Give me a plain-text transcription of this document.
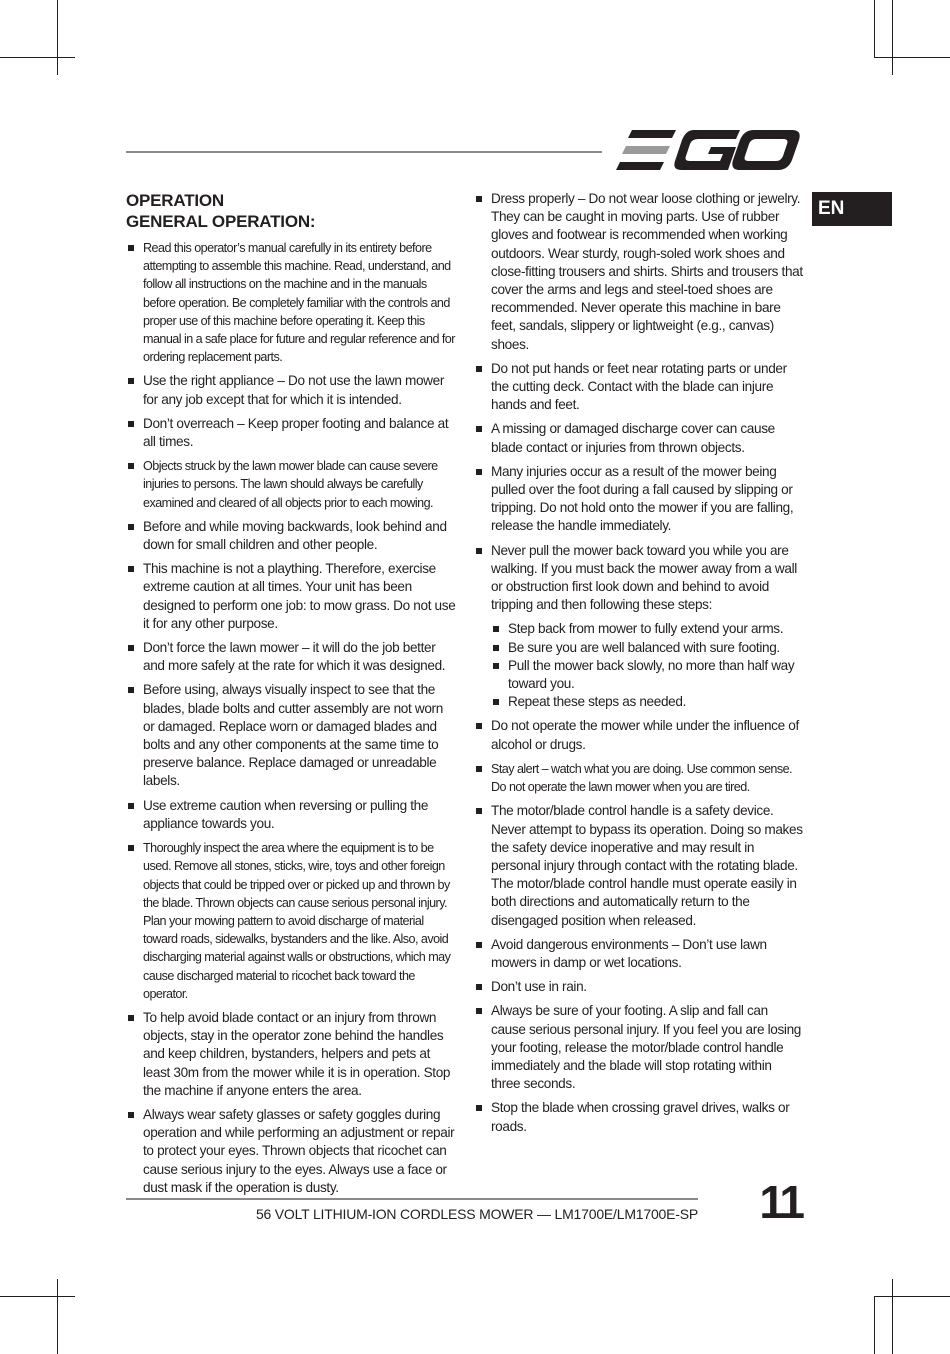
EN
OPERATION
GENERAL OPERATION:
Read this operator’s manual carefully in its entirety before attempting to assemble this machine. Read, understand, and follow all instructions on the machine and in the manuals before operation. Be completely familiar with the controls and proper use of this machine before operating it. Keep this manual in a safe place for future and regular reference and for ordering replacement parts.
Use the right appliance – Do not use the lawn mower for any job except that for which it is intended.
Don’t overreach – Keep proper footing and balance at all times.
Objects struck by the lawn mower blade can cause severe injuries to persons. The lawn should always be carefully examined and cleared of all objects prior to each mowing.
Before and while moving backwards, look behind and down for small children and other people.
This machine is not a plaything. Therefore, exercise extreme caution at all times. Your unit has been designed to perform one job: to mow grass. Do not use it for any other purpose.
Don’t force the lawn mower – it will do the job better and more safely at the rate for which it was designed.
Before using, always visually inspect to see that the blades, blade bolts and cutter assembly are not worn or damaged. Replace worn or damaged blades and bolts and any other components at the same time to preserve balance. Replace damaged or unreadable labels.
Use extreme caution when reversing or pulling the appliance towards you.
Thoroughly inspect the area where the equipment is to be used. Remove all stones, sticks, wire, toys and other foreign objects that could be tripped over or picked up and thrown by the blade. Thrown objects can cause serious personal injury. Plan your mowing pattern to avoid discharge of material toward roads, sidewalks, bystanders and the like. Also, avoid discharging material against walls or obstructions, which may cause discharged material to ricochet back toward the operator.
To help avoid blade contact or an injury from thrown objects, stay in the operator zone behind the handles and keep children, bystanders, helpers and pets at least 30m from the mower while it is in operation. Stop the machine if anyone enters the area.
Always wear safety glasses or safety goggles during operation and while performing an adjustment or repair to protect your eyes. Thrown objects that ricochet can cause serious injury to the eyes. Always use a face or dust mask if the operation is dusty.
Dress properly – Do not wear loose clothing or jewelry. They can be caught in moving parts. Use of rubber gloves and footwear is recommended when working outdoors. Wear sturdy, rough-soled work shoes and close-fitting trousers and shirts. Shirts and trousers that cover the arms and legs and steel-toed shoes are recommended. Never operate this machine in bare feet, sandals, slippery or lightweight (e.g., canvas) shoes.
Do not put hands or feet near rotating parts or under the cutting deck. Contact with the blade can injure hands and feet.
A missing or damaged discharge cover can cause blade contact or injuries from thrown objects.
Many injuries occur as a result of the mower being pulled over the foot during a fall caused by slipping or tripping. Do not hold onto the mower if you are falling, release the handle immediately.
Never pull the mower back toward you while you are walking. If you must back the mower away from a wall or obstruction first look down and behind to avoid tripping and then following these steps:
Step back from mower to fully extend your arms.
Be sure you are well balanced with sure footing.
Pull the mower back slowly, no more than half way toward you.
Repeat these steps as needed.
Do not operate the mower while under the influence of alcohol or drugs.
Stay alert – watch what you are doing. Use common sense. Do not operate the lawn mower when you are tired.
The motor/blade control handle is a safety device. Never attempt to bypass its operation. Doing so makes the safety device inoperative and may result in personal injury through contact with the rotating blade. The motor/blade control handle must operate easily in both directions and automatically return to the disengaged position when released.
Avoid dangerous environments – Don’t use lawn mowers in damp or wet locations.
Don’t use in rain.
Always be sure of your footing. A slip and fall can cause serious personal injury. If you feel you are losing your footing, release the motor/blade control handle immediately and the blade will stop rotating within three seconds.
Stop the blade when crossing gravel drives, walks or roads.
56 VOLT LITHIUM-ION CORDLESS MOWER — LM1700E/LM1700E-SP	11
